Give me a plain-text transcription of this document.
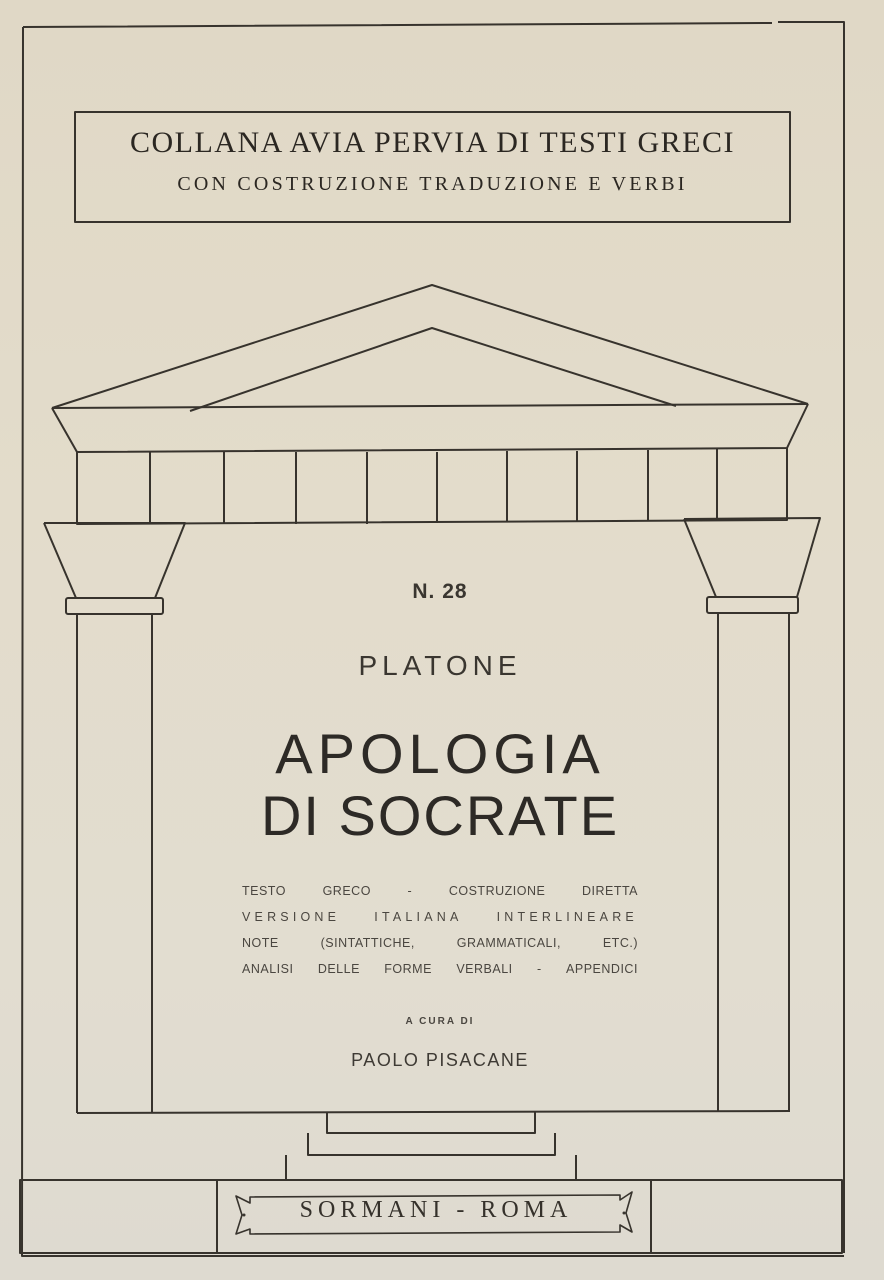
COLLANA AVIA PERVIA DI TESTI GRECI
CON COSTRUZIONE TRADUZIONE E VERBI
N. 28
PLATONE
APOLOGIA
DI SOCRATE
TESTO	GRECO	-	COSTRUZIONE	DIRETTA
VERSIONE	ITALIANA	INTERLINEARE
NOTE	(SINTATTICHE,	GRAMMATICALI,	ETC.)
ANALISI DELLE FORME VERBALI - APPENDICI
A CURA DI
PAOLO PISACANE
SORMANI - ROMA
